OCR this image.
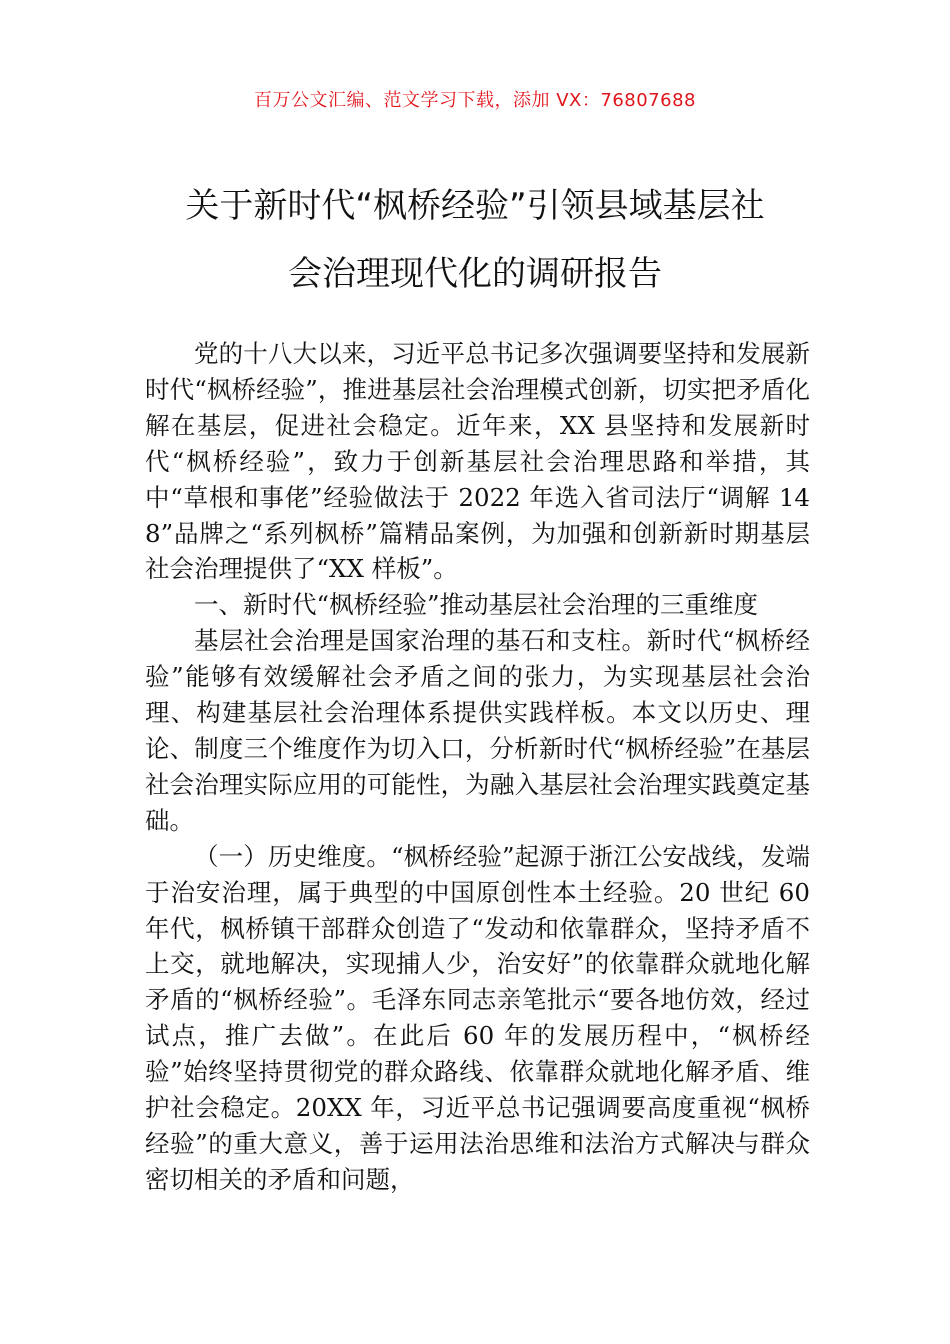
百万公文汇编、范文学习下载，添加 VX：76807688
关于新时代“枫桥经验”引领县域基层社
会治理现代化的调研报告

党的十八大以来，习近平总书记多次强调要坚持和发展新时代“枫桥经验”，推进基层社会治理模式创新，切实把矛盾化解在基层，促进社会稳定。近年来，XX 县坚持和发展新时代“枫桥经验”，致力于创新基层社会治理思路和举措，其中“草根和事佬”经验做法于 2022 年选入省司法厅“调解 148”品牌之“系列枫桥”篇精品案例，为加强和创新新时期基层社会治理提供了“XX 样板”。

一、新时代“枫桥经验”推动基层社会治理的三重维度

基层社会治理是国家治理的基石和支柱。新时代“枫桥经验”能够有效缓解社会矛盾之间的张力，为实现基层社会治理、构建基层社会治理体系提供实践样板。本文以历史、理论、制度三个维度作为切入口，分析新时代“枫桥经验”在基层社会治理实际应用的可能性，为融入基层社会治理实践奠定基础。

（一）历史维度。“枫桥经验”起源于浙江公安战线，发端于治安治理，属于典型的中国原创性本土经验。20 世纪 60 年代，枫桥镇干部群众创造了“发动和依靠群众，坚持矛盾不上交，就地解决，实现捕人少，治安好”的依靠群众就地化解矛盾的“枫桥经验”。毛泽东同志亲笔批示“要各地仿效，经过试点，推广去做”。在此后 60 年的发展历程中，“枫桥经验”始终坚持贯彻党的群众路线、依靠群众就地化解矛盾、维护社会稳定。20XX 年，习近平总书记强调要高度重视“枫桥经验”的重大意义，善于运用法治思维和法治方式解决与群众密切相关的矛盾和问题，
